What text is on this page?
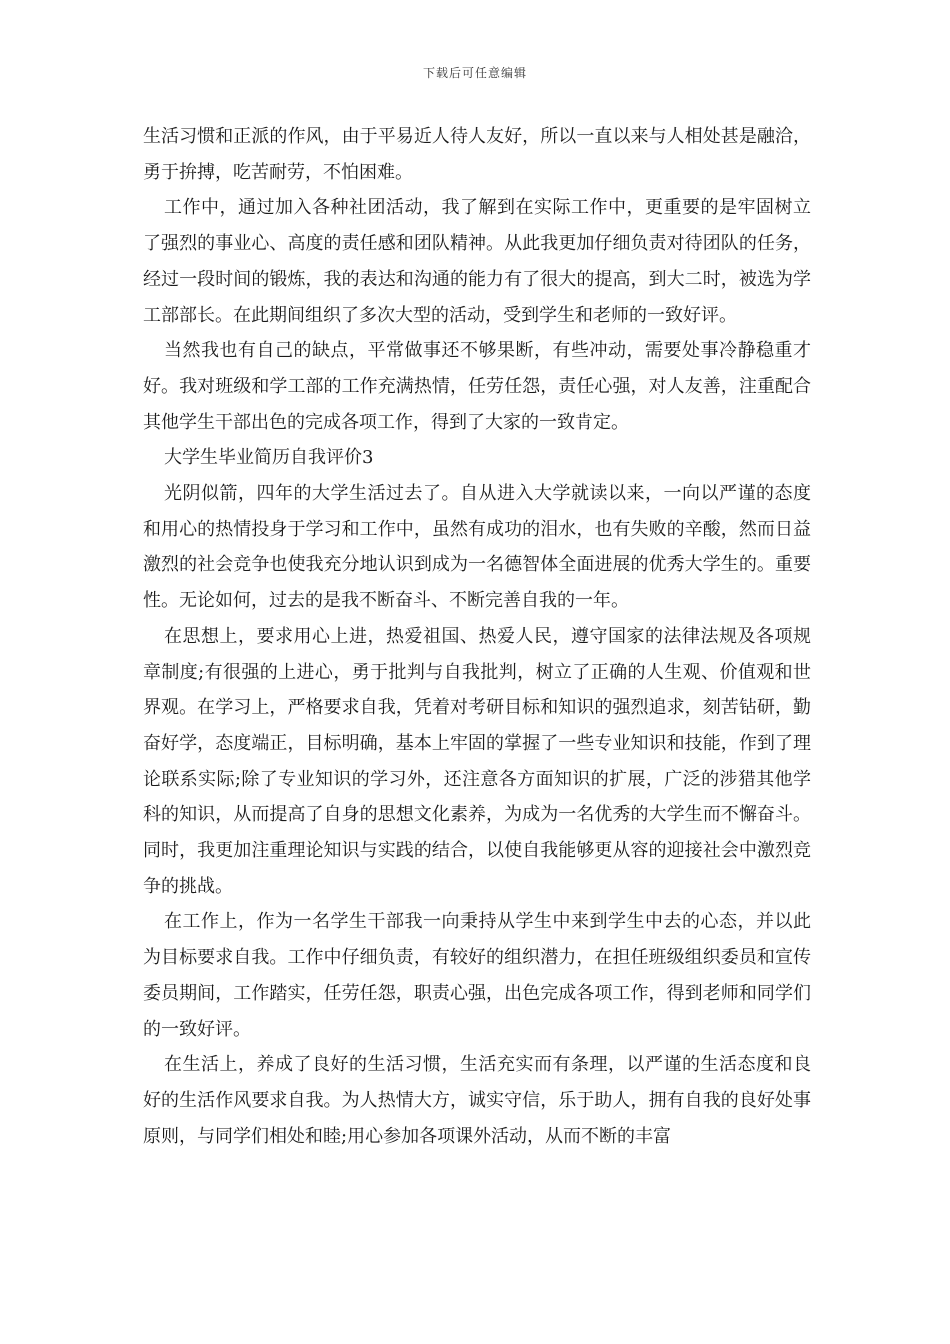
下载后可任意编辑

生活习惯和正派的作风，由于平易近人待人友好，所以一直以来与人相处甚是融洽，勇于拚搏，吃苦耐劳，不怕困难。

工作中，通过加入各种社团活动，我了解到在实际工作中，更重要的是牢固树立了强烈的事业心、高度的责任感和团队精神。从此我更加仔细负责对待团队的任务，经过一段时间的锻炼，我的表达和沟通的能力有了很大的提高，到大二时，被选为学工部部长。在此期间组织了多次大型的活动，受到学生和老师的一致好评。

当然我也有自己的缺点，平常做事还不够果断，有些冲动，需要处事冷静稳重才好。我对班级和学工部的工作充满热情，任劳任怨，责任心强，对人友善，注重配合其他学生干部出色的完成各项工作，得到了大家的一致肯定。

大学生毕业简历自我评价3

光阴似箭，四年的大学生活过去了。自从进入大学就读以来，一向以严谨的态度和用心的热情投身于学习和工作中，虽然有成功的泪水，也有失败的辛酸，然而日益激烈的社会竞争也使我充分地认识到成为一名德智体全面进展的优秀大学生的。重要性。无论如何，过去的是我不断奋斗、不断完善自我的一年。

在思想上，要求用心上进，热爱祖国、热爱人民，遵守国家的法律法规及各项规章制度;有很强的上进心，勇于批判与自我批判，树立了正确的人生观、价值观和世界观。在学习上，严格要求自我，凭着对考研目标和知识的强烈追求，刻苦钻研，勤奋好学，态度端正，目标明确，基本上牢固的掌握了一些专业知识和技能，作到了理论联系实际;除了专业知识的学习外，还注意各方面知识的扩展，广泛的涉猎其他学科的知识，从而提高了自身的思想文化素养，为成为一名优秀的大学生而不懈奋斗。同时，我更加注重理论知识与实践的结合，以使自我能够更从容的迎接社会中激烈竞争的挑战。

在工作上，作为一名学生干部我一向秉持从学生中来到学生中去的心态，并以此为目标要求自我。工作中仔细负责，有较好的组织潜力，在担任班级组织委员和宣传委员期间，工作踏实，任劳任怨，职责心强，出色完成各项工作，得到老师和同学们的一致好评。

在生活上，养成了良好的生活习惯，生活充实而有条理，以严谨的生活态度和良好的生活作风要求自我。为人热情大方，诚实守信，乐于助人，拥有自我的良好处事原则，与同学们相处和睦;用心参加各项课外活动，从而不断的丰富
